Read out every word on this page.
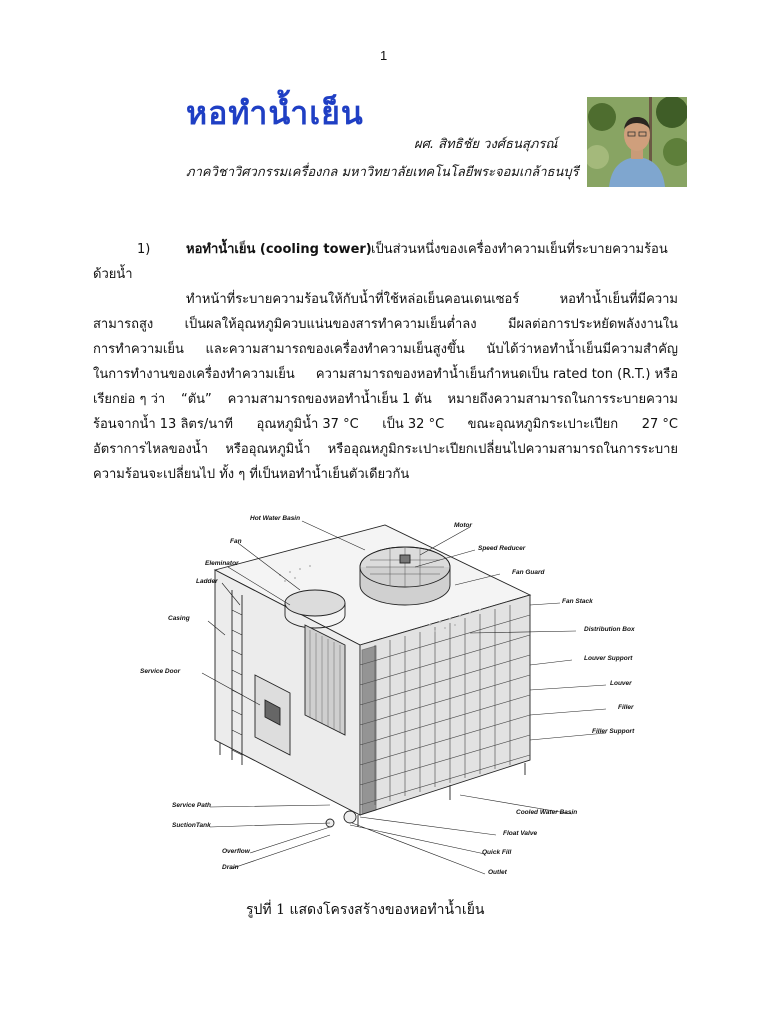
1
หอทำน้ำเย็น
ผศ. สิทธิชัย วงศ์ธนสุภรณ์
ภาควิชาวิศวกรรมเครื่องกล มหาวิทยาลัยเทคโนโลยีพระจอมเกล้าธนบุรี
1)	หอทำน้ำเย็น (cooling tower) เป็นส่วนหนึ่งของเครื่องทำความเย็นที่ระบายความร้อน
ด้วยน้ำ
ทำหน้าที่ระบายความร้อนให้กับน้ำที่ใช้หล่อเย็นคอนเดนเซอร์	หอทำน้ำเย็นที่มีความ
สามารถสูง เป็นผลให้อุณหภูมิควบแน่นของสารทำความเย็นต่ำลง มีผลต่อการประหยัดพลังงานใน
การทำความเย็น และความสามารถของเครื่องทำความเย็นสูงขึ้น นับได้ว่าหอทำน้ำเย็นมีความสำคัญ
ในการทำงานของเครื่องทำความเย็น ความสามารถของหอทำน้ำเย็นกำหนดเป็น rated ton (R.T.) หรือ
เรียกย่อ ๆ ว่า “ตัน” ความสามารถของหอทำน้ำเย็น 1 ตัน หมายถึงความสามารถในการระบายความ
ร้อนจากน้ำ 13 ลิตร/นาที อุณหภูมิน้ำ 37 °C เป็น 32 °C ขณะอุณหภูมิกระเปาะเปียก 27 °C
อัตราการไหลของน้ำ หรืออุณหภูมิน้ำ หรืออุณหภูมิกระเปาะเปียกเปลี่ยนไปความสามารถในการระบาย
ความร้อนจะเปลี่ยนไป ทั้ง ๆ ที่เป็นหอทำน้ำเย็นตัวเดียวกัน
Hot Water Basin
Motor
Fan
Speed Reducer
Eleminator
Fan Guard
Ladder
Fan Stack
Casing
Distribution Box
Louver Support
Service Door
Louver
Filler
Filler Support
Service Path
Cooled Water Basin
SuctionTank
Float Valve
Overflow	Quick Fill
Drain
Outlet
รูปที่ 1 แสดงโครงสร้างของหอทำน้ำเย็น
